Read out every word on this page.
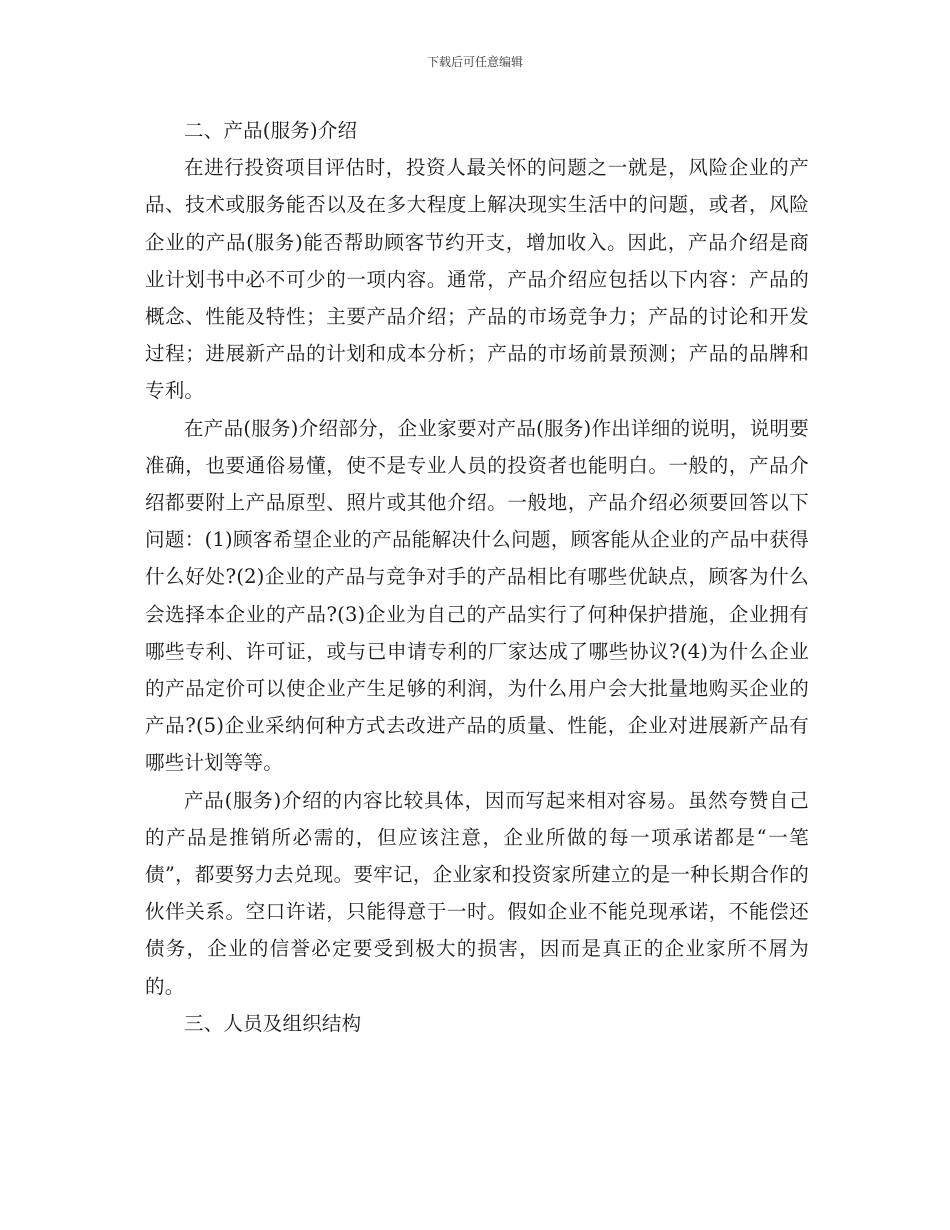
下载后可任意编辑

二、产品(服务)介绍

在进行投资项目评估时，投资人最关怀的问题之一就是，风险企业的产品、技术或服务能否以及在多大程度上解决现实生活中的问题，或者，风险企业的产品(服务)能否帮助顾客节约开支，增加收入。因此，产品介绍是商业计划书中必不可少的一项内容。通常，产品介绍应包括以下内容：产品的概念、性能及特性；主要产品介绍；产品的市场竞争力；产品的讨论和开发过程；进展新产品的计划和成本分析；产品的市场前景预测；产品的品牌和专利。

在产品(服务)介绍部分，企业家要对产品(服务)作出详细的说明，说明要准确，也要通俗易懂，使不是专业人员的投资者也能明白。一般的，产品介绍都要附上产品原型、照片或其他介绍。一般地，产品介绍必须要回答以下问题：(1)顾客希望企业的产品能解决什么问题，顾客能从企业的产品中获得什么好处?(2)企业的产品与竞争对手的产品相比有哪些优缺点，顾客为什么会选择本企业的产品?(3)企业为自己的产品实行了何种保护措施，企业拥有哪些专利、许可证，或与已申请专利的厂家达成了哪些协议?(4)为什么企业的产品定价可以使企业产生足够的利润，为什么用户会大批量地购买企业的产品?(5)企业采纳何种方式去改进产品的质量、性能，企业对进展新产品有哪些计划等等。

产品(服务)介绍的内容比较具体，因而写起来相对容易。虽然夸赞自己的产品是推销所必需的，但应该注意，企业所做的每一项承诺都是“一笔债”，都要努力去兑现。要牢记，企业家和投资家所建立的是一种长期合作的伙伴关系。空口许诺，只能得意于一时。假如企业不能兑现承诺，不能偿还债务，企业的信誉必定要受到极大的损害，因而是真正的企业家所不屑为的。

三、人员及组织结构
